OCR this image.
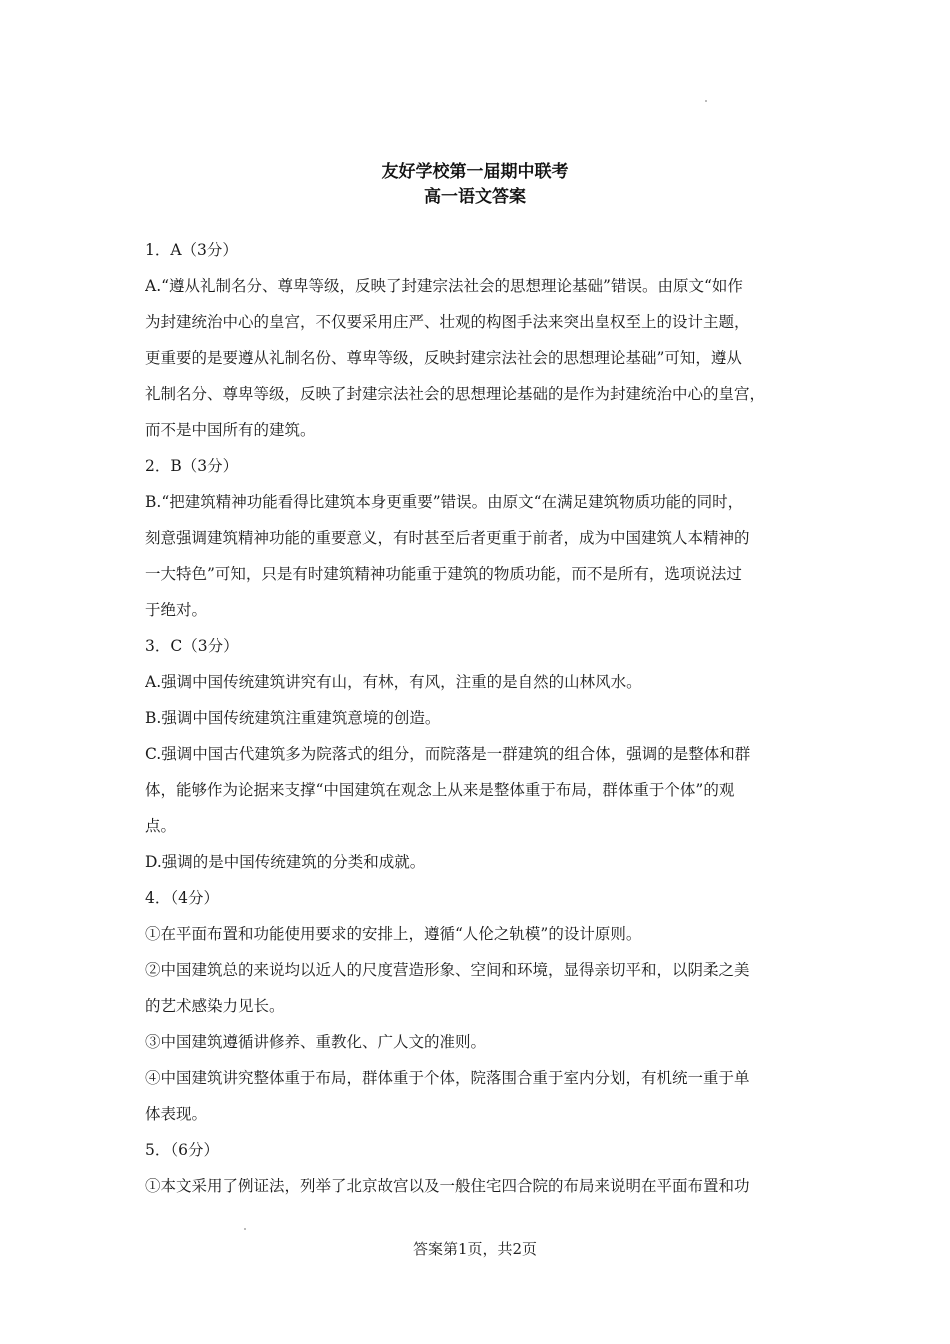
友好学校第一届期中联考
高一语文答案
1．A（3分）
A.“遵从礼制名分、尊卑等级，反映了封建宗法社会的思想理论基础”错误。由原文“如作
为封建统治中心的皇宫，不仅要采用庄严、壮观的构图手法来突出皇权至上的设计主题，
更重要的是要遵从礼制名份、尊卑等级，反映封建宗法社会的思想理论基础”可知，遵从
礼制名分、尊卑等级，反映了封建宗法社会的思想理论基础的是作为封建统治中心的皇宫，
而不是中国所有的建筑。
2．B（3分）
B.“把建筑精神功能看得比建筑本身更重要”错误。由原文“在满足建筑物质功能的同时，
刻意强调建筑精神功能的重要意义，有时甚至后者更重于前者，成为中国建筑人本精神的
一大特色”可知，只是有时建筑精神功能重于建筑的物质功能，而不是所有，选项说法过
于绝对。
3．C（3分）
A.强调中国传统建筑讲究有山，有林，有风，注重的是自然的山林风水。
B.强调中国传统建筑注重建筑意境的创造。
C.强调中国古代建筑多为院落式的组分，而院落是一群建筑的组合体，强调的是整体和群
体，能够作为论据来支撑“中国建筑在观念上从来是整体重于布局，群体重于个体”的观
点。
D.强调的是中国传统建筑的分类和成就。
4．（4分）
①在平面布置和功能使用要求的安排上，遵循“人伦之轨模”的设计原则。
②中国建筑总的来说均以近人的尺度营造形象、空间和环境，显得亲切平和，以阴柔之美
的艺术感染力见长。
③中国建筑遵循讲修养、重教化、广人文的准则。
④中国建筑讲究整体重于布局，群体重于个体，院落围合重于室内分划，有机统一重于单
体表现。
5．（6分）
①本文采用了例证法，列举了北京故宫以及一般住宅四合院的布局来说明在平面布置和功
答案第1页，共2页
